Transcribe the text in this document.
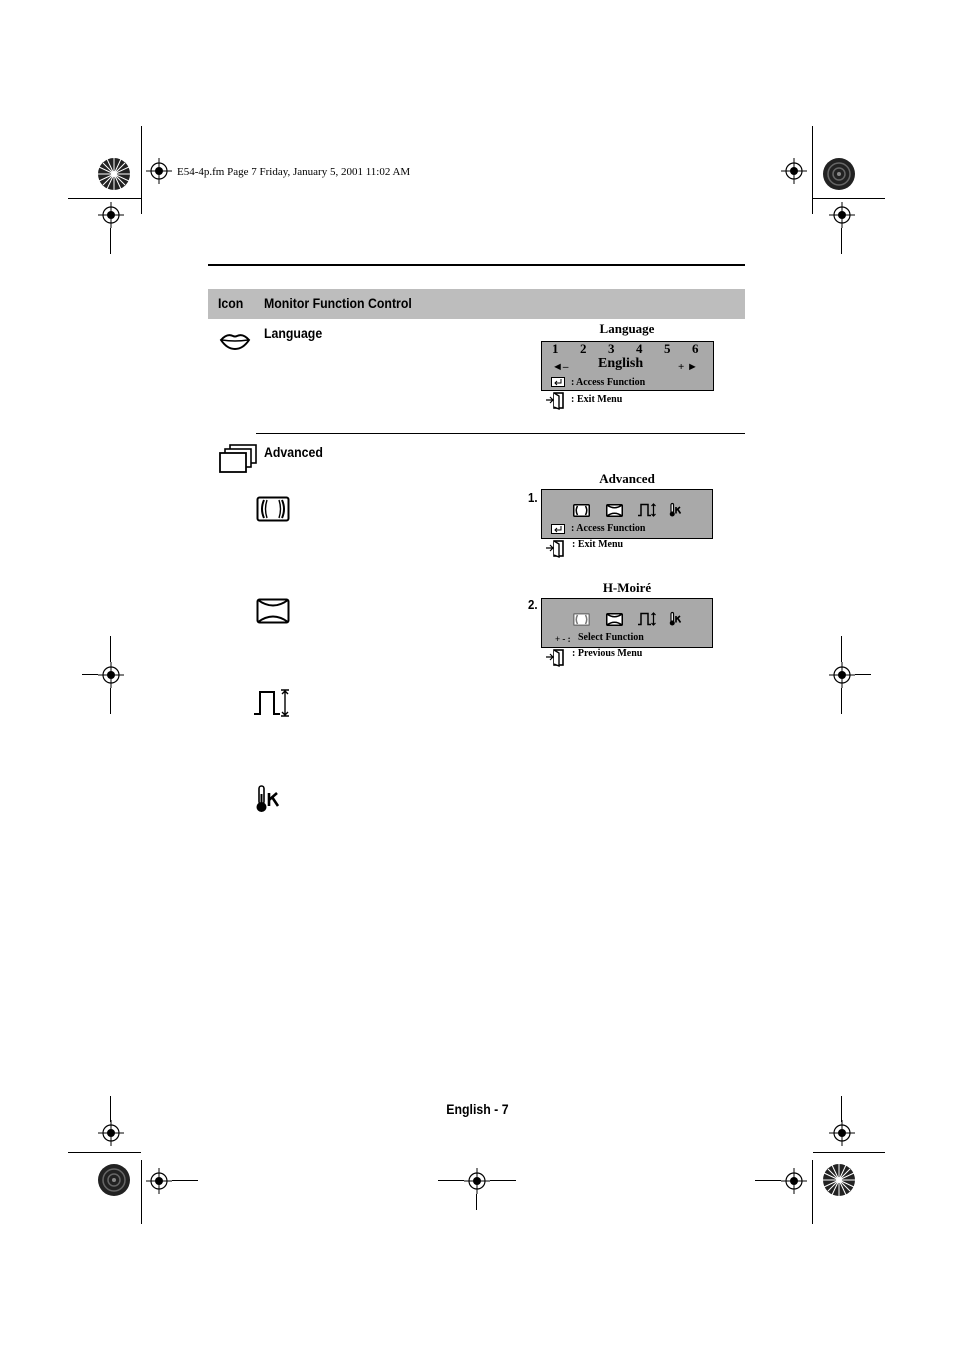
E54-4p.fm Page 7 Friday, January 5, 2001 11:02 AM
Icon Monitor Function Control
Language	Language
1 2 3 4 5 6
◄– English	+ ►
: Access Function
: Exit Menu
Advanced
1.
Advanced
: Access Function
: Exit Menu
2.
H-Moiré
+ - : Select Function
: Previous Menu
English - 7
